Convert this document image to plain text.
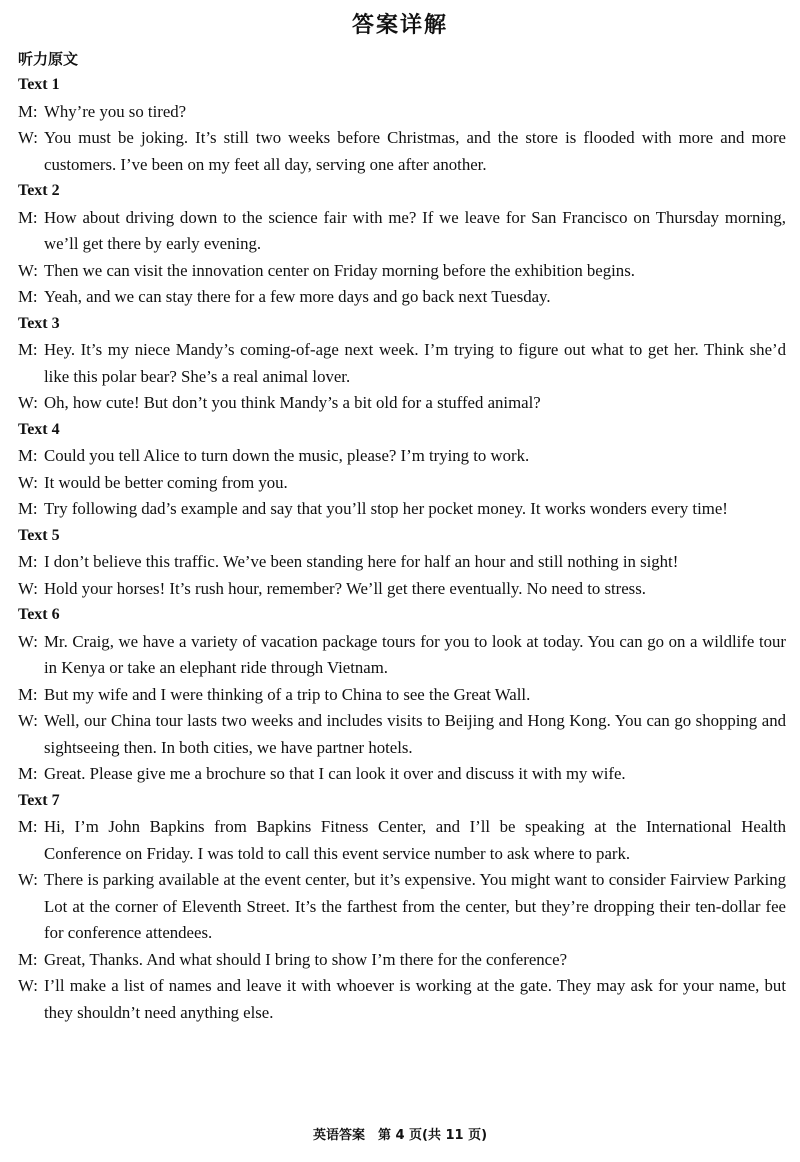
答案详解
听力原文
Text 1
M: Why’re you so tired?
W: You must be joking. It’s still two weeks before Christmas, and the store is flooded with more and more customers. I’ve been on my feet all day, serving one after another.
Text 2
M: How about driving down to the science fair with me? If we leave for San Francisco on Thursday morning, we’ll get there by early evening.
W: Then we can visit the innovation center on Friday morning before the exhibition begins.
M: Yeah, and we can stay there for a few more days and go back next Tuesday.
Text 3
M: Hey. It’s my niece Mandy’s coming-of-age next week. I’m trying to figure out what to get her. Think she’d like this polar bear? She’s a real animal lover.
W: Oh, how cute! But don’t you think Mandy’s a bit old for a stuffed animal?
Text 4
M: Could you tell Alice to turn down the music, please? I’m trying to work.
W: It would be better coming from you.
M: Try following dad’s example and say that you’ll stop her pocket money. It works wonders every time!
Text 5
M: I don’t believe this traffic. We’ve been standing here for half an hour and still nothing in sight!
W: Hold your horses! It’s rush hour, remember? We’ll get there eventually. No need to stress.
Text 6
W: Mr. Craig, we have a variety of vacation package tours for you to look at today. You can go on a wildlife tour in Kenya or take an elephant ride through Vietnam.
M: But my wife and I were thinking of a trip to China to see the Great Wall.
W: Well, our China tour lasts two weeks and includes visits to Beijing and Hong Kong. You can go shopping and sightseeing then. In both cities, we have partner hotels.
M: Great. Please give me a brochure so that I can look it over and discuss it with my wife.
Text 7
M: Hi, I’m John Bapkins from Bapkins Fitness Center, and I’ll be speaking at the International Health Conference on Friday. I was told to call this event service number to ask where to park.
W: There is parking available at the event center, but it’s expensive. You might want to consider Fairview Parking Lot at the corner of Eleventh Street. It’s the farthest from the center, but they’re dropping their ten-dollar fee for conference attendees.
M: Great, Thanks. And what should I bring to show I’m there for the conference?
W: I’ll make a list of names and leave it with whoever is working at the gate. They may ask for your name, but they shouldn’t need anything else.
英语答案　第 4 页(共 11 页)
